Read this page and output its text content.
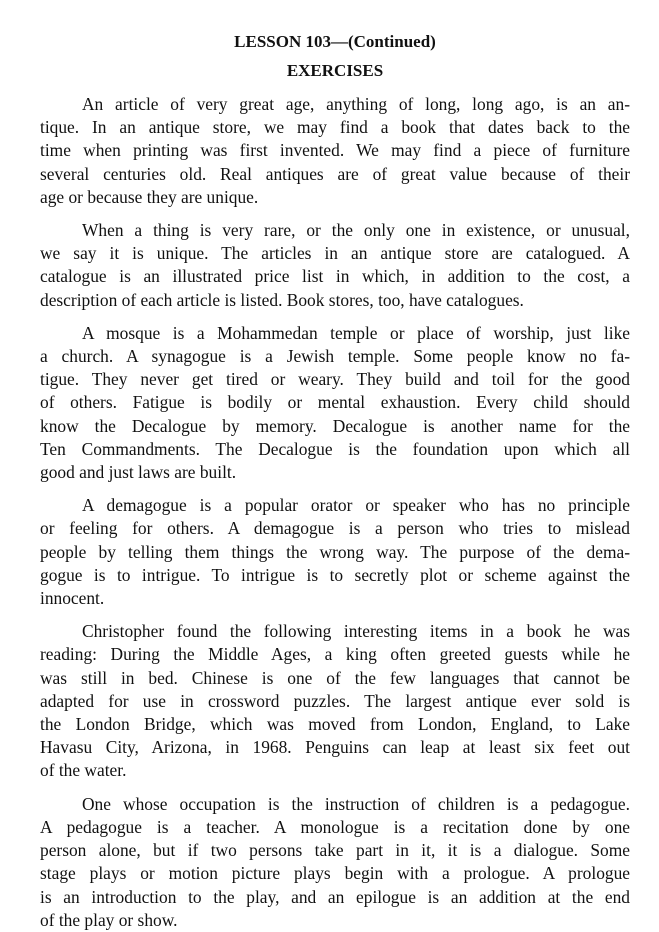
LESSON 103—(Continued)
EXERCISES
An article of very great age, anything of long, long ago, is an an-
tique. In an antique store, we may find a book that dates back to the
time when printing was first invented. We may find a piece of furniture
several centuries old. Real antiques are of great value because of their
age or because they are unique.
When a thing is very rare, or the only one in existence, or unusual,
we say it is unique. The articles in an antique store are catalogued. A
catalogue is an illustrated price list in which, in addition to the cost, a
description of each article is listed. Book stores, too, have catalogues.
A mosque is a Mohammedan temple or place of worship, just like
a church. A synagogue is a Jewish temple. Some people know no fa-
tigue. They never get tired or weary. They build and toil for the good
of others. Fatigue is bodily or mental exhaustion. Every child should
know the Decalogue by memory. Decalogue is another name for the
Ten Commandments. The Decalogue is the foundation upon which all
good and just laws are built.
A demagogue is a popular orator or speaker who has no principle
or feeling for others. A demagogue is a person who tries to mislead
people by telling them things the wrong way. The purpose of the dema-
gogue is to intrigue. To intrigue is to secretly plot or scheme against the
innocent.
Christopher found the following interesting items in a book he was
reading: During the Middle Ages, a king often greeted guests while he
was still in bed. Chinese is one of the few languages that cannot be
adapted for use in crossword puzzles. The largest antique ever sold is
the London Bridge, which was moved from London, England, to Lake
Havasu City, Arizona, in 1968. Penguins can leap at least six feet out
of the water.
One whose occupation is the instruction of children is a pedagogue.
A pedagogue is a teacher. A monologue is a recitation done by one
person alone, but if two persons take part in it, it is a dialogue. Some
stage plays or motion picture plays begin with a prologue. A prologue
is an introduction to the play, and an epilogue is an addition at the end
of the play or show.
